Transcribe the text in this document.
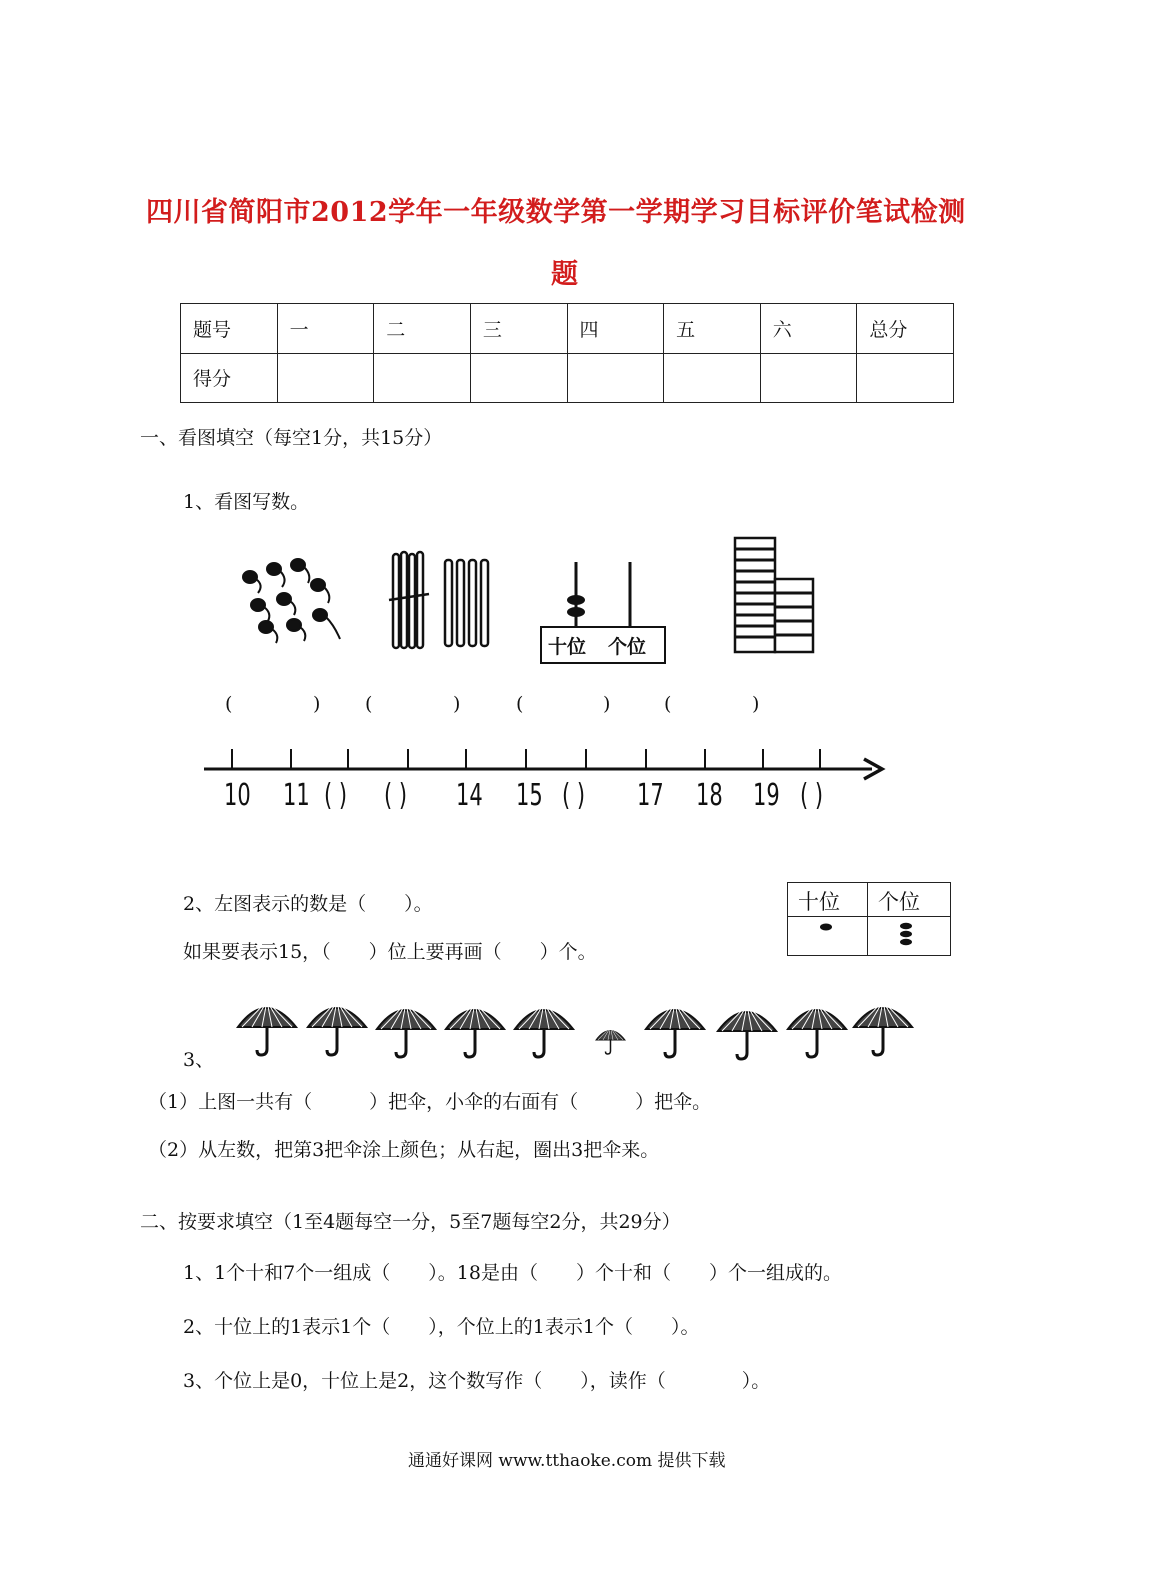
四川省简阳市2012学年一年级数学第一学期学习目标评价笔试检测
题
题号	一	二	三	四	五	六	总分
得分							
一、看图填空（每空1分，共15分）
1、看图写数。
十位 个位
(	) (	)	(	)	(	)
10 11 ( ) ( ) 14 15 ( ) 17 18 19 ( )
2、左图表示的数是（　　）。
如果要表示15，（　　）位上要再画（　　）个。
十位 个位
3、
（1）上图一共有（　　　）把伞，小伞的右面有（　　　）把伞。
（2）从左数，把第3把伞涂上颜色；从右起，圈出3把伞来。
二、按要求填空（1至4题每空一分，5至7题每空2分，共29分）
1、1个十和7个一组成（　　）。18是由（　　）个十和（　　）个一组成的。
2、十位上的1表示1个（　　），个位上的1表示1个（　　）。
3、个位上是0，十位上是2，这个数写作（　　），读作（　　　　）。
通通好课网 www.tthaoke.com 提供下载
